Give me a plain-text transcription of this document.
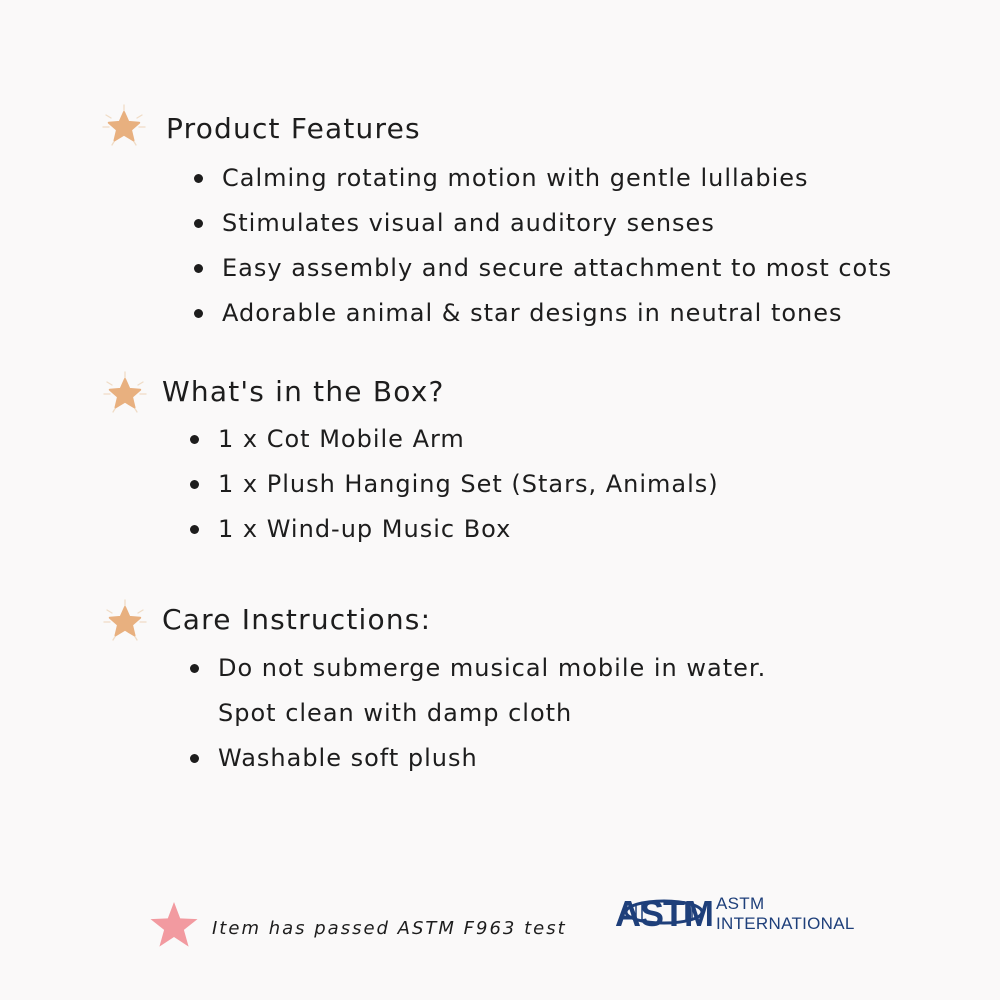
Product Features
Calming rotating motion with gentle lullabies
Stimulates visual and auditory senses
Easy assembly and secure attachment to most cots
Adorable animal & star designs in neutral tones
What's in the Box?
1 x Cot Mobile Arm
1 x Plush Hanging Set (Stars, Animals)
1 x Wind-up Music Box
Care Instructions:
Do not submerge musical mobile in water.
Spot clean with damp cloth
Washable soft plush
Item has passed ASTM F963 test ASTM ASTM
INTERNATIONAL
